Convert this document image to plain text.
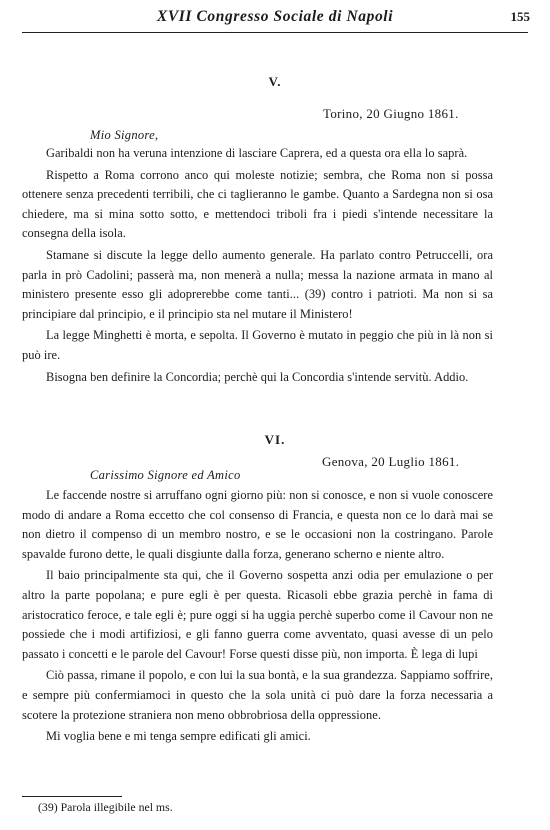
XVII Congresso Sociale di Napoli	155
V.
Torino, 20 Giugno 1861.
Mio Signore,

Garibaldi non ha veruna intenzione di lasciare Caprera, ed a questa ora ella lo saprà.

Rispetto a Roma corrono anco qui moleste notizie; sembra, che Roma non si possa ottenere senza precedenti terribili, che ci taglieranno le gambe. Quanto a Sardegna non si osa chiedere, ma si mina sotto sotto, e mettendoci triboli fra i piedi s'intende necessitare la consegna della isola.

Stamane si discute la legge dello aumento generale. Ha parlato contro Petruccelli, ora parla in prò Cadolini; passerà ma, non menerà a nulla; messa la nazione armata in mano al ministero presente esso gli adoprerebbe come tanti... (39) contro i patrioti. Ma non si sa principiare dal principio, e il principio sta nel mutare il Ministero!

La legge Minghetti è morta, e sepolta. Il Governo è mutato in peggio che più in là non si può ire.

Bisogna ben definire la Concordia; perchè qui la Concordia s'intende servitù. Addio.

VI.
Genova, 20 Luglio 1861.
Carissimo Signore ed Amico

Le faccende nostre si arruffano ogni giorno più: non si conosce, e non si vuole conoscere modo di andare a Roma eccetto che col consenso di Francia, e questa non ce lo darà mai se non dietro il compenso di un membro nostro, e se le occasioni non la costringano. Parole spavalde furono dette, le quali disgiunte dalla forza, generano scherno e niente altro.

Il baio principalmente sta qui, che il Governo sospetta anzi odia per emulazione o per altro la parte popolana; e pure egli è per questa. Ricasoli ebbe grazia perchè in fama di aristocratico feroce, e tale egli è; pure oggi si ha uggia perchè superbo come il Cavour non ne possiede che i modi artifiziosi, e gli fanno guerra come avventato, quasi avesse di un pelo passato i concetti e le parole del Cavour! Forse questi disse più, non importa. È lega di lupi

Ciò passa, rimane il popolo, e con lui la sua bontà, e la sua grandezza. Sappiamo soffrire, e sempre più confermiamoci in questo che la sola unità ci può dare la forza necessaria a scotere la protezione straniera non meno obbrobriosa della oppressione.

Mi voglia bene e mi tenga sempre edificati gli amici.

(39) Parola illegibile nel ms.
